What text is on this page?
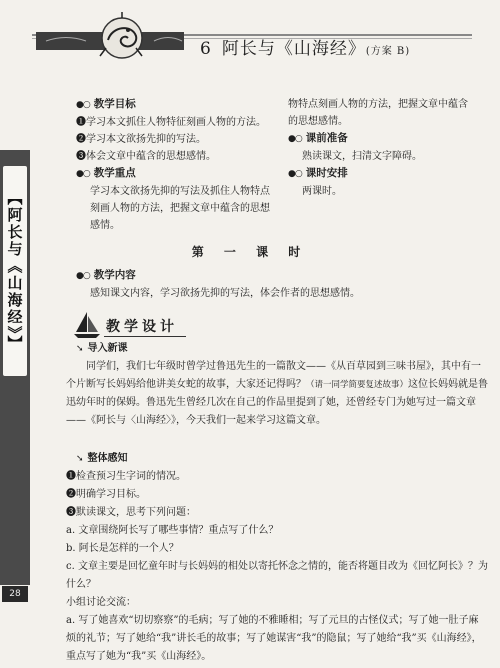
6 阿长与《山海经》(方案 B)
【阿长与《山海经》】
28
●○ 教学目标
❶学习本文抓住人物特征刻画人物的方法。
❷学习本文欲扬先抑的写法。
❸体会文章中蕴含的思想感情。
●○ 教学重点
学习本文欲扬先抑的写法及抓住人物特点刻画人物的方法，把握文章中蕴含的思想感情。
物特点刻画人物的方法，把握文章中蕴含的思想感情。
●○ 课前准备
熟读课文，扫清文字障碍。
●○ 课时安排
两课时。
第 一 课 时
●○ 教学内容
感知课文内容，学习欲扬先抑的写法，体会作者的思想感情。
教学设计
➘ 导入新课

同学们，我们七年级时曾学过鲁迅先生的一篇散文——《从百草园到三味书屋》，其中有一个片断写长妈妈给他讲美女蛇的故事，大家还记得吗？（请一同学简要复述故事）这位长妈妈就是鲁迅幼年时的保姆。鲁迅先生曾经几次在自己的作品里提到了她，还曾经专门为她写过一篇文章——《阿长与〈山海经〉》，今天我们一起来学习这篇文章。

➘ 整体感知
❶检查预习生字词的情况。
❷明确学习目标。
❸默读课文，思考下列问题：
a. 文章围绕阿长写了哪些事情？重点写了什么？
b. 阿长是怎样的一个人？
c. 文章主要是回忆童年时与长妈妈的相处以寄托怀念之情的，能否将题目改为《回忆阿长》？为什么？
小组讨论交流：
a. 写了她喜欢“切切察察”的毛病；写了她的不雅睡相；写了元旦的古怪仪式；写了她一肚子麻烦的礼节；写了她给“我”讲长毛的故事；写了她谋害“我”的隐鼠；写了她给“我”买《山海经》，重点写了她为“我”买《山海经》。
